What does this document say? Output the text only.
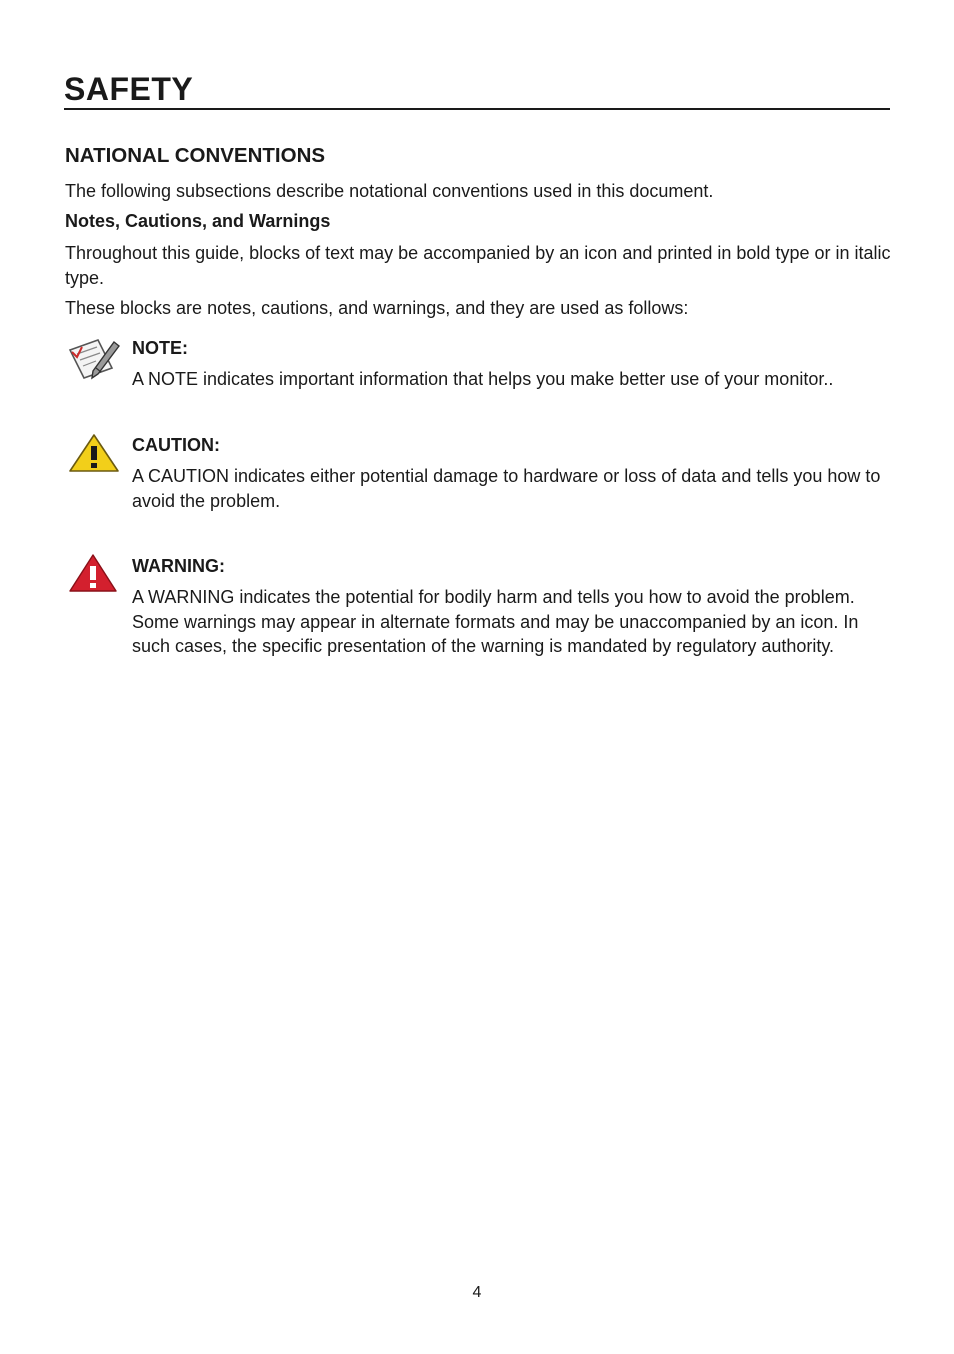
SAFETY
NATIONAL CONVENTIONS

The following subsections describe notational conventions used in this document.

Notes, Cautions, and Warnings

Throughout this guide, blocks of text may be accompanied by an icon and printed in bold type or in italic type.

These blocks are notes, cautions, and warnings, and they are used as follows:

NOTE:

A NOTE indicates important information that helps you make better use of your monitor..

CAUTION:

A CAUTION indicates either potential damage to hardware or loss of data and tells you how to avoid the problem.

WARNING:

A WARNING indicates the potential for bodily harm and tells you how to avoid the problem. Some warnings may appear in alternate formats and may be unaccompanied by an icon. In such cases, the specific presentation of the warning is mandated by regulatory authority.

4
